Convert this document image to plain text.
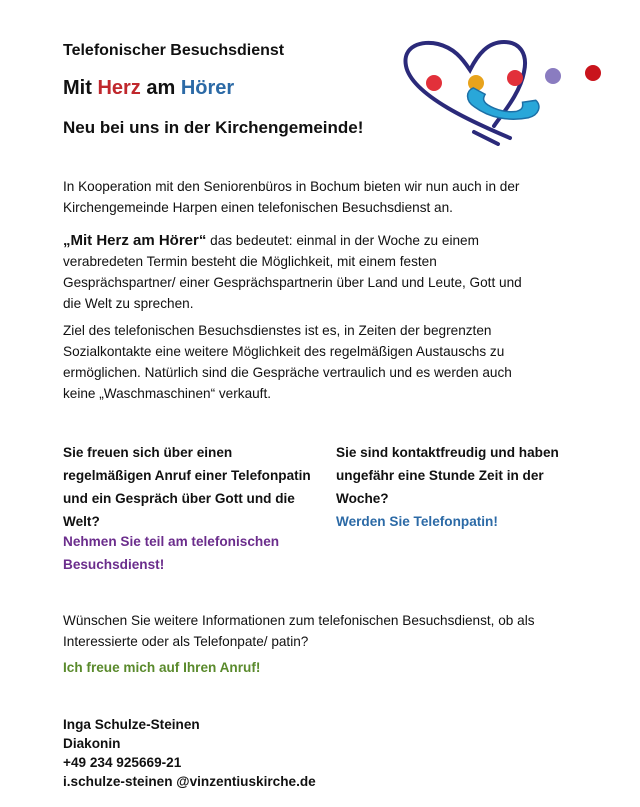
Telefonischer Besuchsdienst
Mit Herz am Hörer
Neu bei uns in der Kirchengemeinde!
In Kooperation mit den Seniorenbüros in Bochum bieten wir nun auch in der Kirchengemeinde Harpen einen telefonischen Besuchsdienst an.
„Mit Herz am Hörer“ das bedeutet: einmal in der Woche zu einem verabredeten Termin besteht die Möglichkeit, mit einem festen Gesprächspartner/ einer Gesprächspartnerin über Land und Leute, Gott und die Welt zu sprechen.
Ziel des telefonischen Besuchsdienstes ist es, in Zeiten der begrenzten Sozialkontakte eine weitere Möglichkeit des regelmäßigen Austauschs zu ermöglichen. Natürlich sind die Gespräche vertraulich und es werden auch keine „Waschmaschinen“ verkauft.
Sie freuen sich über einen regelmäßigen Anruf einer Telefonpatin und ein Gespräch über Gott und die Welt?
Nehmen Sie teil am telefonischen Besuchsdienst!
Sie sind kontaktfreudig und haben ungefähr eine Stunde Zeit in der Woche?
Werden Sie Telefonpatin!
Wünschen Sie weitere Informationen zum telefonischen Besuchsdienst, ob als Interessierte oder als Telefonpate/ patin?
Ich freue mich auf Ihren Anruf!
Inga Schulze-Steinen
Diakonin
+49 234 925669-21
i.schulze-steinen @vinzentiuskirche.de
